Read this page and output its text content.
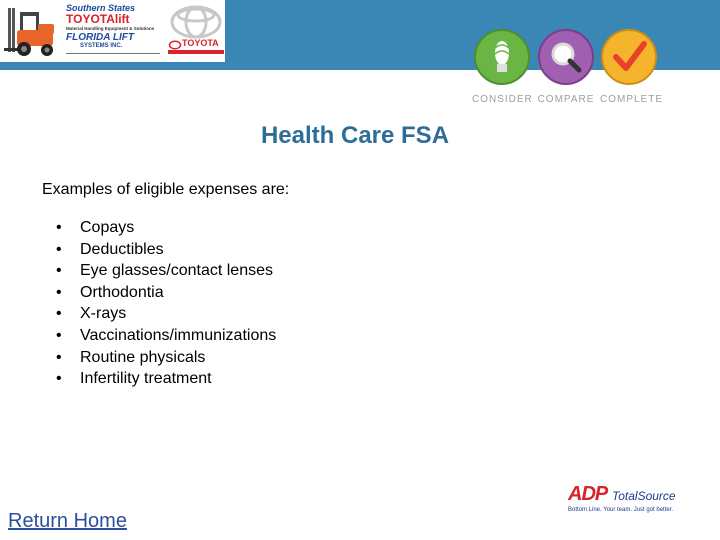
Southern States
TOYOTAlift
Material Handling Equipment & Solutions
FLORIDA LIFT
SYSTEMS INC.	TOYOTA
CONSIDER COMPARE COMPLETE
Health Care FSA
Examples of eligible expenses are:
• Copays
• Deductibles
• Eye glasses/contact lenses
• Orthodontia
• X-rays
• Vaccinations/immunizations
• Routine physicals
• Infertility treatment
Return Home
ADP TotalSource
Bottom Line. Your team. Just got better.
